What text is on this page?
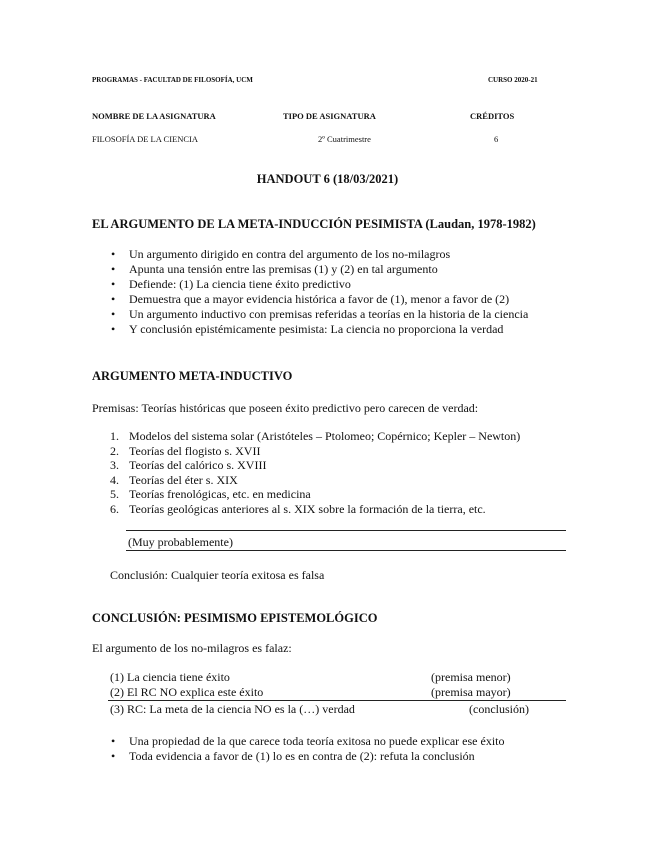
PROGRAMAS - FACULTAD DE FILOSOFÍA, UCM	CURSO 2020-21
NOMBRE DE LA ASIGNATURA	TIPO DE ASIGNATURA	CRÉDITOS
FILOSOFÍA DE LA CIENCIA	2º Cuatrimestre	6
HANDOUT 6 (18/03/2021)
EL ARGUMENTO DE LA META-INDUCCIÓN PESIMISTA (Laudan, 1978-1982)
• Un argumento dirigido en contra del argumento de los no-milagros
• Apunta una tensión entre las premisas (1) y (2) en tal argumento
• Defiende: (1) La ciencia tiene éxito predictivo
• Demuestra que a mayor evidencia histórica a favor de (1), menor a favor de (2)
• Un argumento inductivo con premisas referidas a teorías en la historia de la ciencia
• Y conclusión epistémicamente pesimista: La ciencia no proporciona la verdad
ARGUMENTO META-INDUCTIVO
Premisas: Teorías históricas que poseen éxito predictivo pero carecen de verdad:
1. Modelos del sistema solar (Aristóteles – Ptolomeo; Copérnico; Kepler – Newton)
2. Teorías del flogisto s. XVII
3. Teorías del calórico s. XVIII
4. Teorías del éter s. XIX
5. Teorías frenológicas, etc. en medicina
6. Teorías geológicas anteriores al s. XIX sobre la formación de la tierra, etc.
(Muy probablemente)
Conclusión: Cualquier teoría exitosa es falsa
CONCLUSIÓN: PESIMISMO EPISTEMOLÓGICO
El argumento de los no-milagros es falaz:
(1) La ciencia tiene éxito	(premisa menor)
(2) El RC NO explica este éxito	(premisa mayor)
(3) RC: La meta de la ciencia NO es la (…) verdad	(conclusión)
• Una propiedad de la que carece toda teoría exitosa no puede explicar ese éxito
• Toda evidencia a favor de (1) lo es en contra de (2): refuta la conclusión
